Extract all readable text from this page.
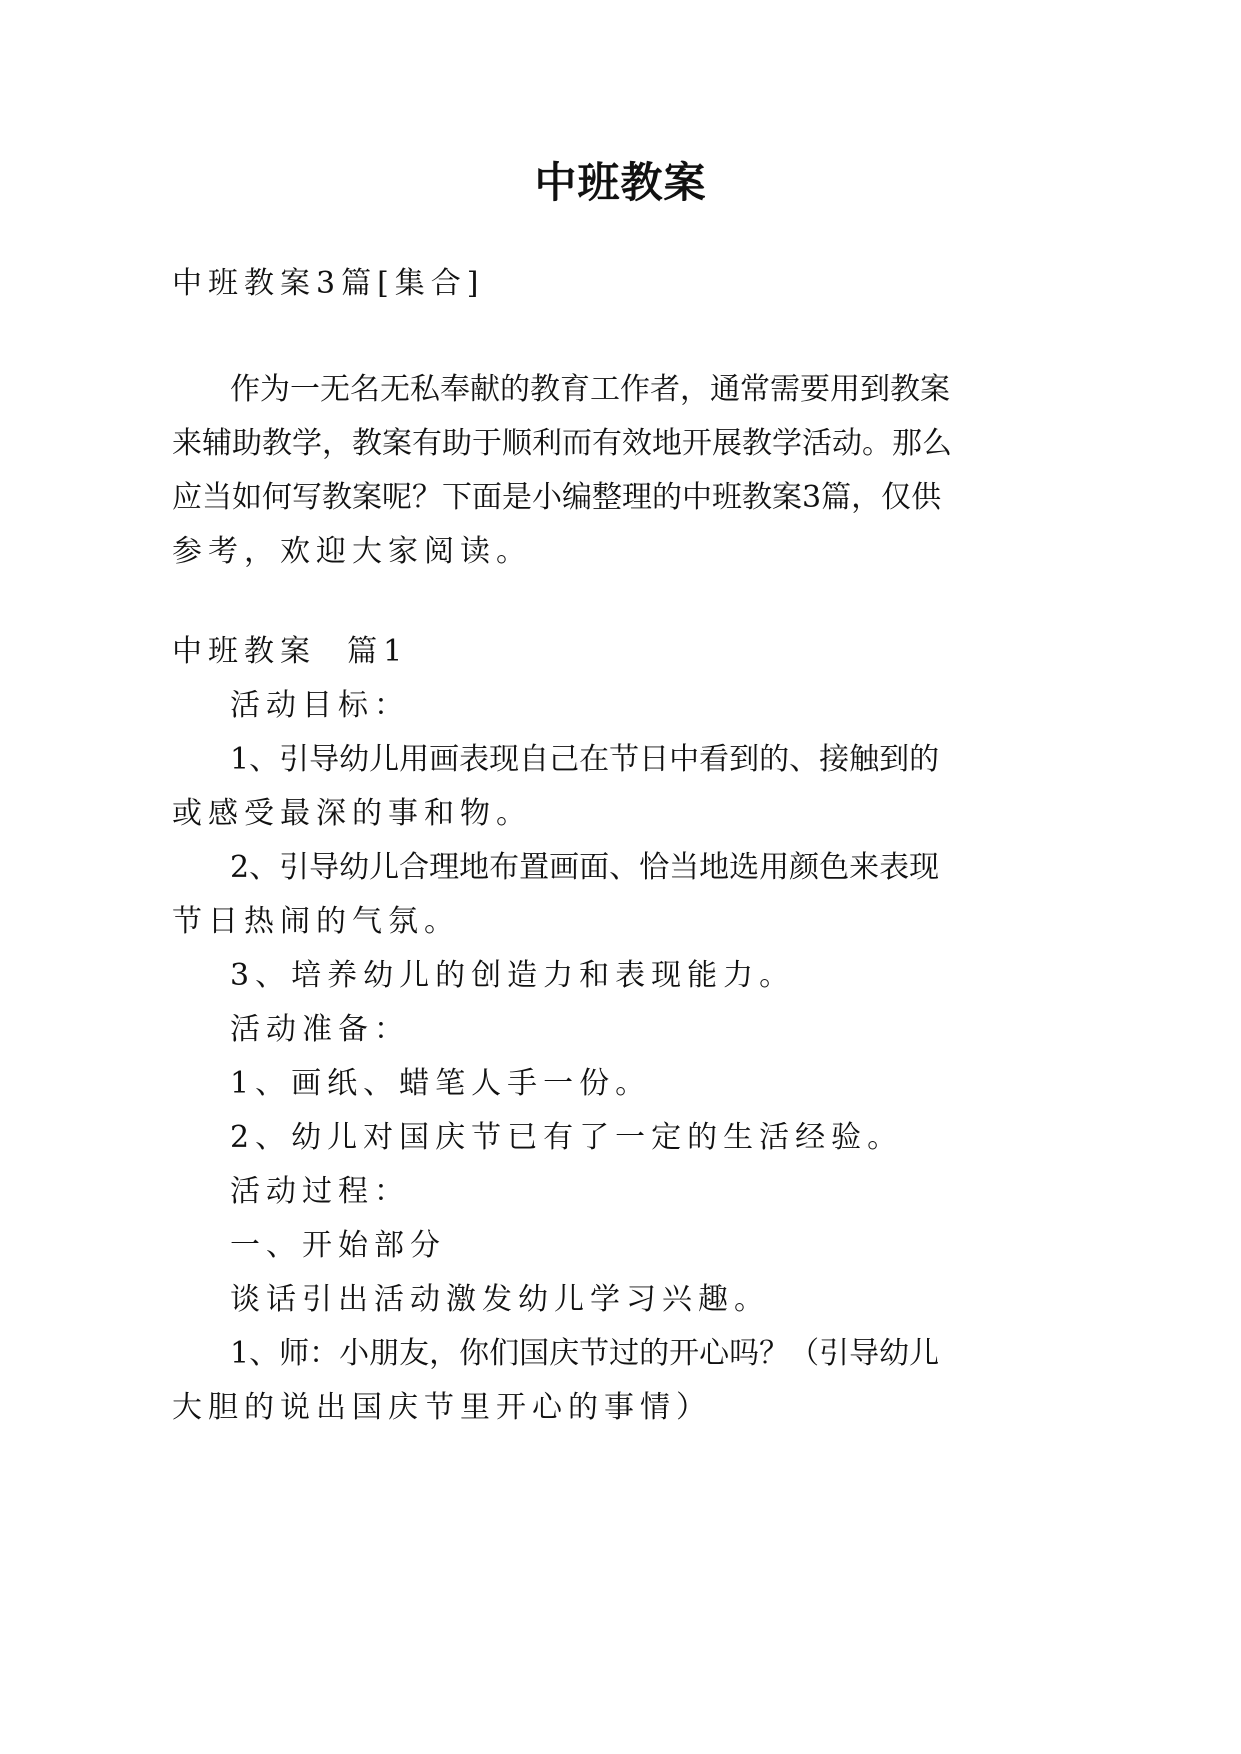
中班教案
中班教案3篇[集合]
作为一无名无私奉献的教育工作者，通常需要用到教案
来辅助教学，教案有助于顺利而有效地开展教学活动。那么
应当如何写教案呢？下面是小编整理的中班教案3篇，仅供
参考，欢迎大家阅读。
中班教案  篇1
活动目标：
1、引导幼儿用画表现自己在节日中看到的、接触到的
或感受最深的事和物。
2、引导幼儿合理地布置画面、恰当地选用颜色来表现
节日热闹的气氛。
3、培养幼儿的创造力和表现能力。
活动准备：
1、画纸、蜡笔人手一份。
2、幼儿对国庆节已有了一定的生活经验。
活动过程：
一、开始部分
谈话引出活动激发幼儿学习兴趣。
1、师：小朋友，你们国庆节过的开心吗？（引导幼儿
大胆的说出国庆节里开心的事情）
